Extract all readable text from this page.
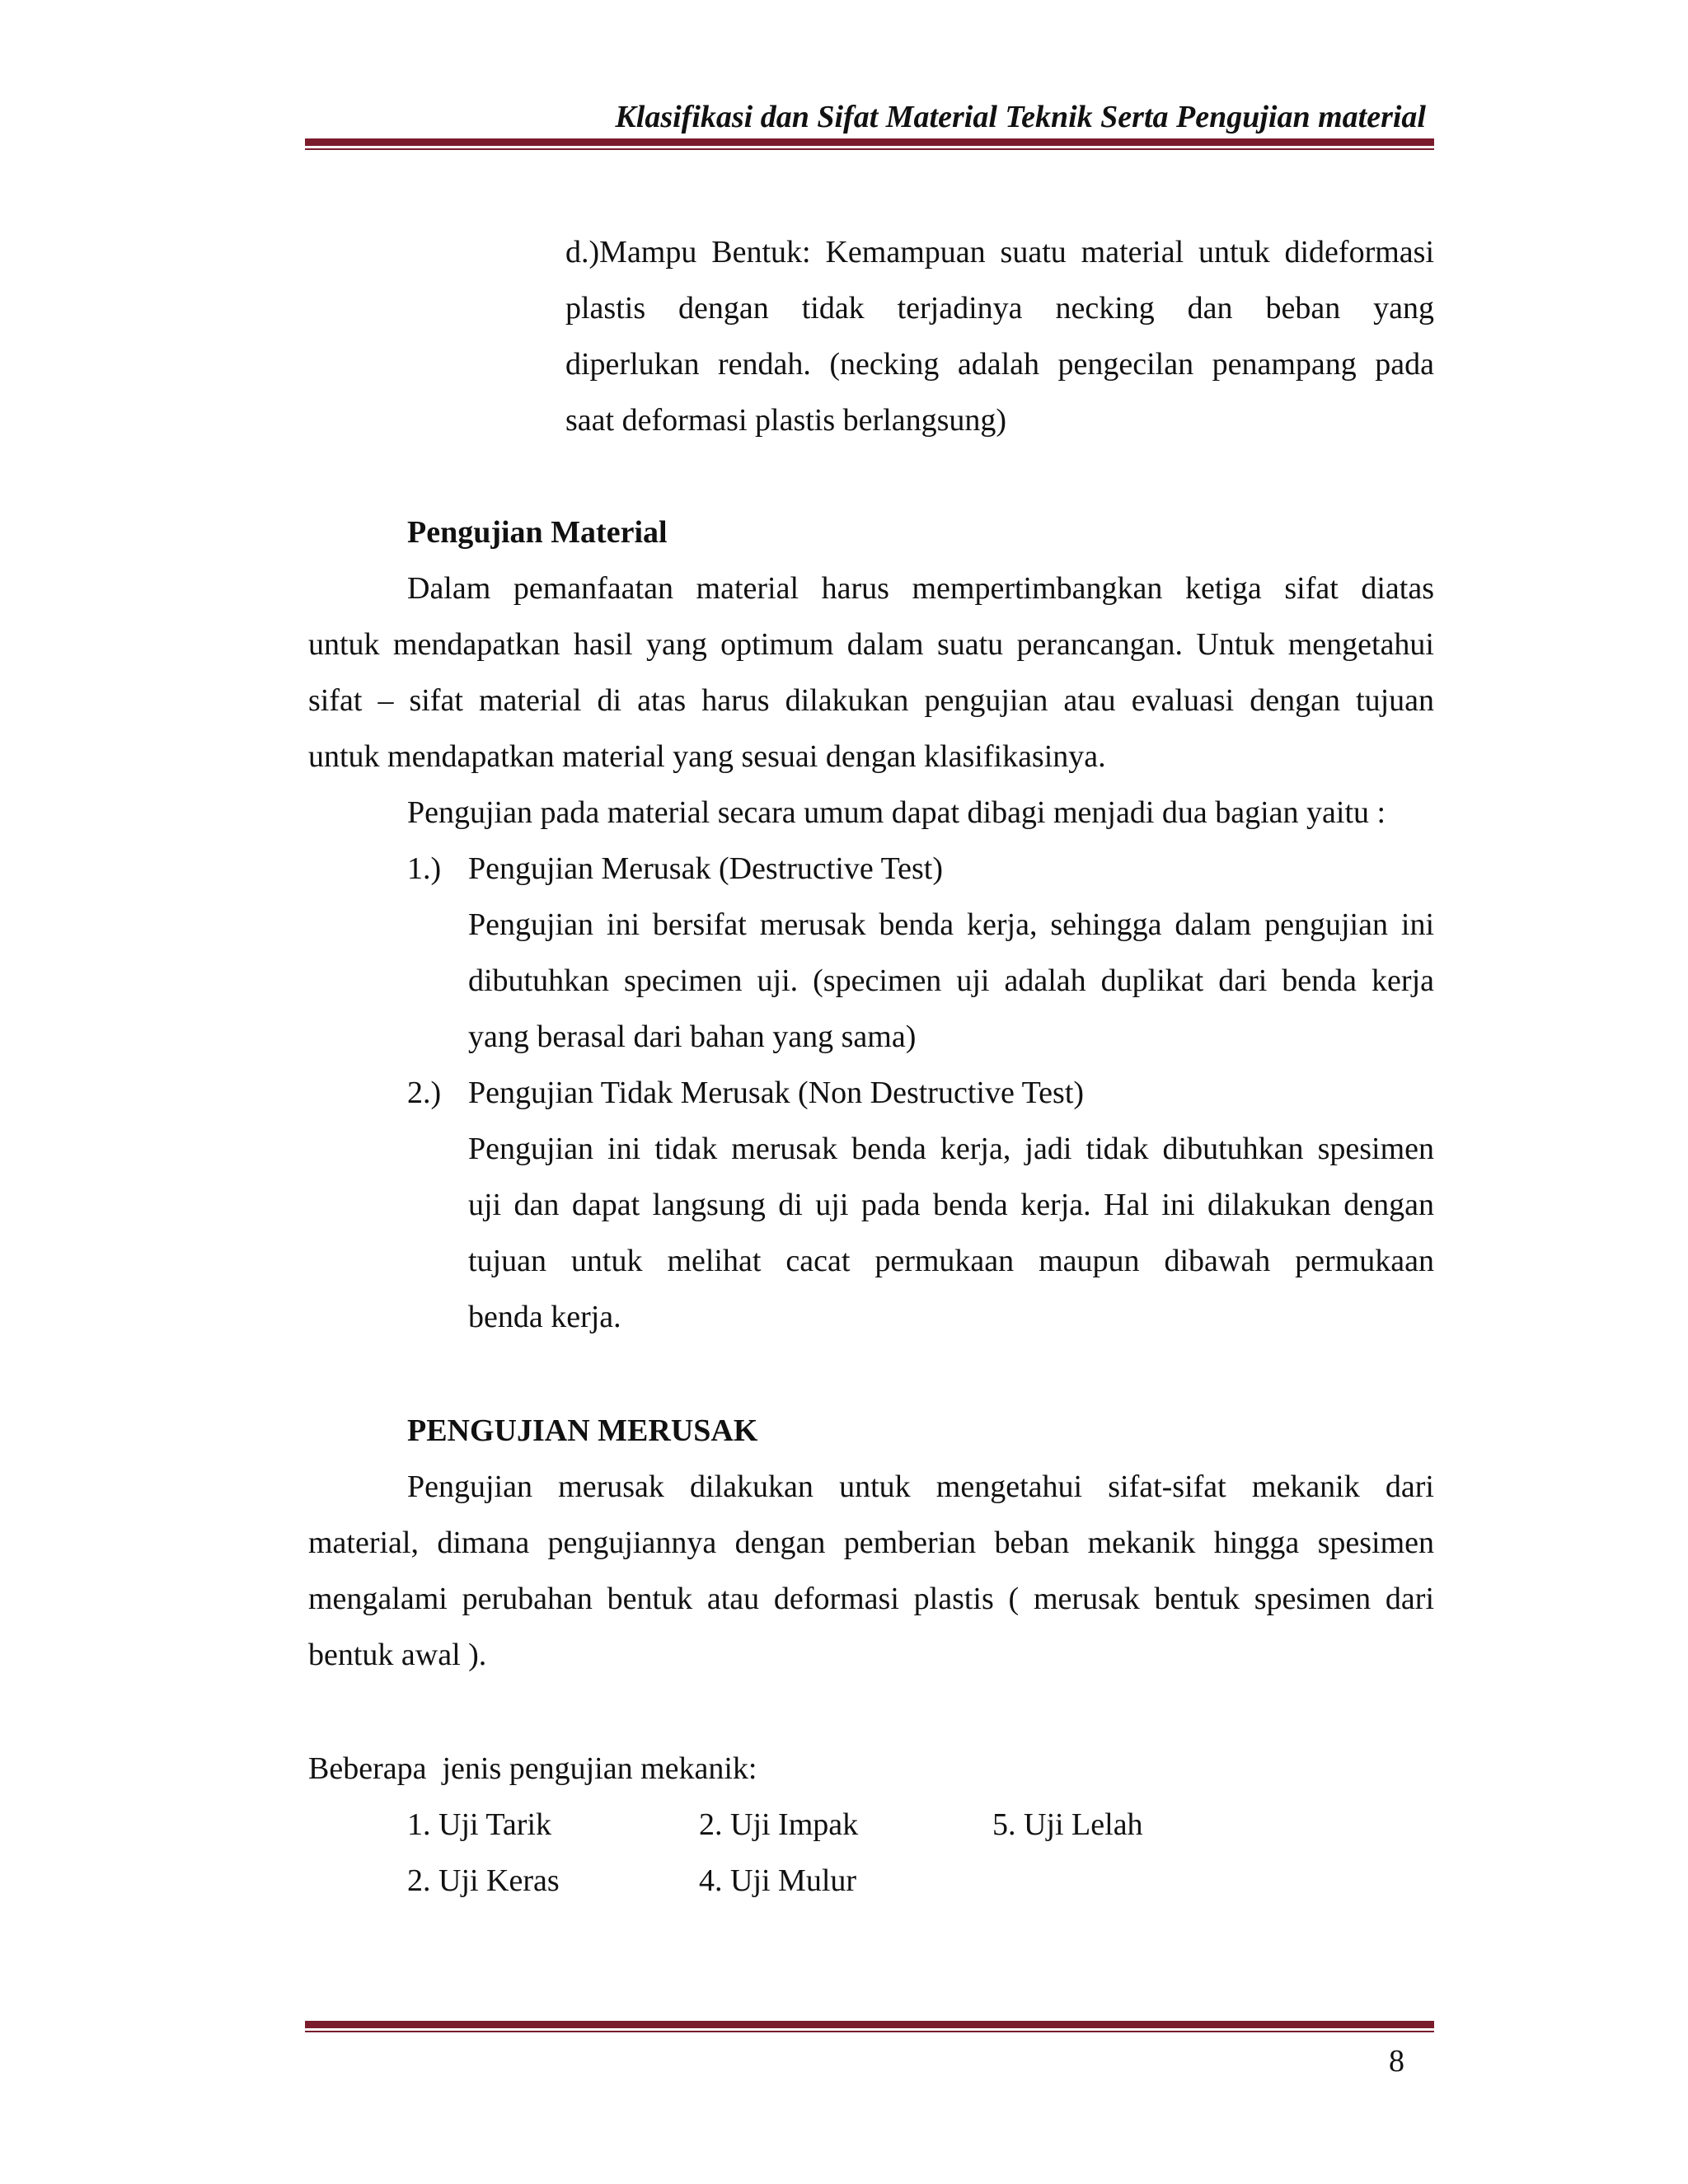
Klasifikasi dan Sifat Material Teknik Serta Pengujian material
d.)Mampu Bentuk: Kemampuan suatu material untuk dideformasi
plastis dengan tidak terjadinya necking dan beban yang
diperlukan rendah. (necking adalah pengecilan penampang pada
saat deformasi plastis berlangsung)
Pengujian Material
Dalam pemanfaatan material harus mempertimbangkan ketiga sifat diatas
untuk mendapatkan hasil yang optimum dalam suatu perancangan. Untuk mengetahui
sifat – sifat material di atas harus dilakukan pengujian atau evaluasi dengan tujuan
untuk mendapatkan material yang sesuai dengan klasifikasinya.
Pengujian pada material secara umum dapat dibagi menjadi dua bagian yaitu :
1.) Pengujian Merusak (Destructive Test)
Pengujian ini bersifat merusak benda kerja, sehingga dalam pengujian ini
dibutuhkan specimen uji. (specimen uji adalah duplikat dari benda kerja
yang berasal dari bahan yang sama)
2.) Pengujian Tidak Merusak (Non Destructive Test)
Pengujian ini tidak merusak benda kerja, jadi tidak dibutuhkan spesimen
uji dan dapat langsung di uji pada benda kerja. Hal ini dilakukan dengan
tujuan untuk melihat cacat permukaan maupun dibawah permukaan
benda kerja.
PENGUJIAN MERUSAK
Pengujian merusak dilakukan untuk mengetahui sifat-sifat mekanik dari
material, dimana pengujiannya dengan pemberian beban mekanik hingga spesimen
mengalami perubahan bentuk atau deformasi plastis ( merusak bentuk spesimen dari
bentuk awal ).
Beberapa  jenis pengujian mekanik:
1. Uji Tarik	2. Uji Impak	5. Uji Lelah
2. Uji Keras	4. Uji Mulur
8
